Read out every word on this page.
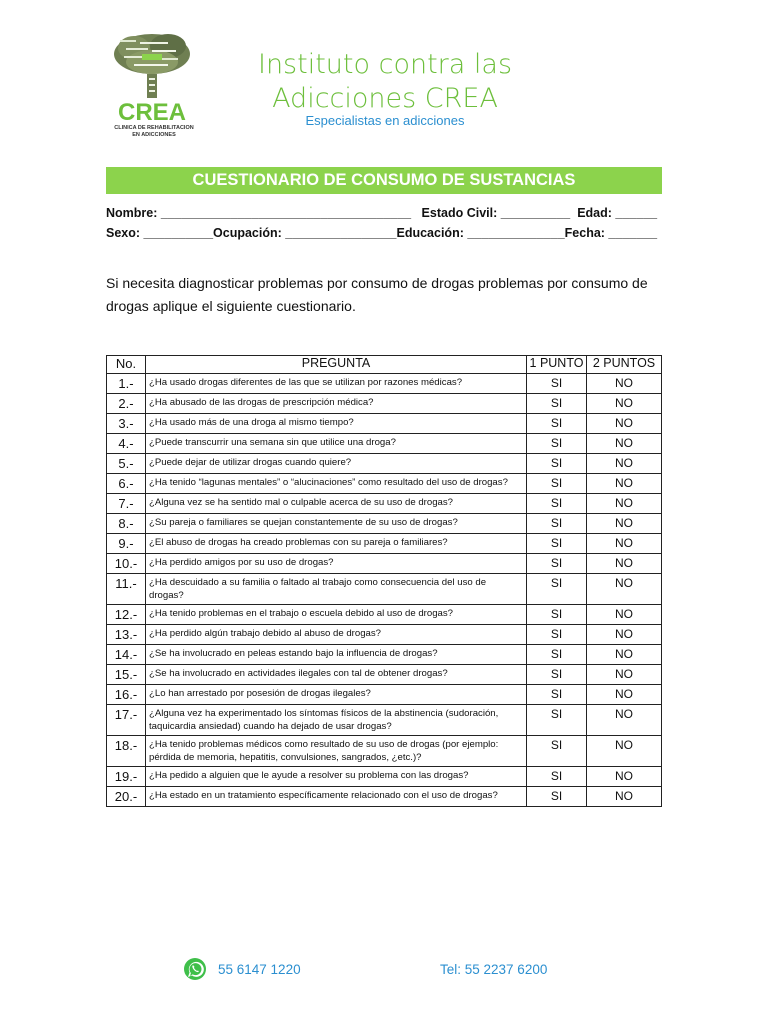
CREA
CLINICA DE REHABILITACION EN ADICCIONES
Instituto contra las
Adicciones CREA
Especialistas en adicciones
CUESTIONARIO DE CONSUMO DE SUSTANCIAS
Nombre: ____________________________________   Estado Civil: __________  Edad: ______
Sexo: __________Ocupación: ________________Educación: ______________Fecha: _______
Si necesita diagnosticar problemas por consumo de drogas problemas por consumo de drogas aplique el siguiente cuestionario.
No.	PREGUNTA	1 PUNTO	2 PUNTOS
1.-	¿Ha usado drogas diferentes de las que se utilizan por razones médicas?	SI	NO
2.-	¿Ha abusado de las drogas de prescripción médica?	SI	NO
3.-	¿Ha usado más de una droga al mismo tiempo?	SI	NO
4.-	¿Puede transcurrir una semana sin que utilice una droga?	SI	NO
5.-	¿Puede dejar de utilizar drogas cuando quiere?	SI	NO
6.-	¿Ha tenido “lagunas mentales” o “alucinaciones” como resultado del uso de drogas?	SI	NO
7.-	¿Alguna vez se ha sentido mal o culpable acerca de su uso de drogas?	SI	NO
8.-	¿Su pareja o familiares se quejan constantemente de su uso de drogas?	SI	NO
9.-	¿El abuso de drogas ha creado problemas con su pareja o familiares?	SI	NO
10.-	¿Ha perdido amigos por su uso de drogas?	SI	NO
11.-	¿Ha descuidado a su familia o faltado al trabajo como consecuencia del uso de drogas?	SI	NO
12.-	¿Ha tenido problemas en el trabajo o escuela debido al uso de drogas?	SI	NO
13.-	¿Ha perdido algún trabajo debido al abuso de drogas?	SI	NO
14.-	¿Se ha involucrado en peleas estando bajo la influencia de drogas?	SI	NO
15.-	¿Se ha involucrado en actividades ilegales con tal de obtener drogas?	SI	NO
16.-	¿Lo han arrestado por posesión de drogas ilegales?	SI	NO
17.-	¿Alguna vez ha experimentado los síntomas físicos de la abstinencia (sudoración, taquicardia ansiedad) cuando ha dejado de usar drogas?	SI	NO
18.-	¿Ha tenido problemas médicos como resultado de su uso de drogas (por ejemplo: pérdida de memoria, hepatitis, convulsiones, sangrados, ¿etc.)?	SI	NO
19.-	¿Ha pedido a alguien que le ayude a resolver su problema con las drogas?	SI	NO
20.-	¿Ha estado en un tratamiento específicamente relacionado con el uso de drogas?	SI	NO
55 6147 1220	Tel: 55 2237 6200
